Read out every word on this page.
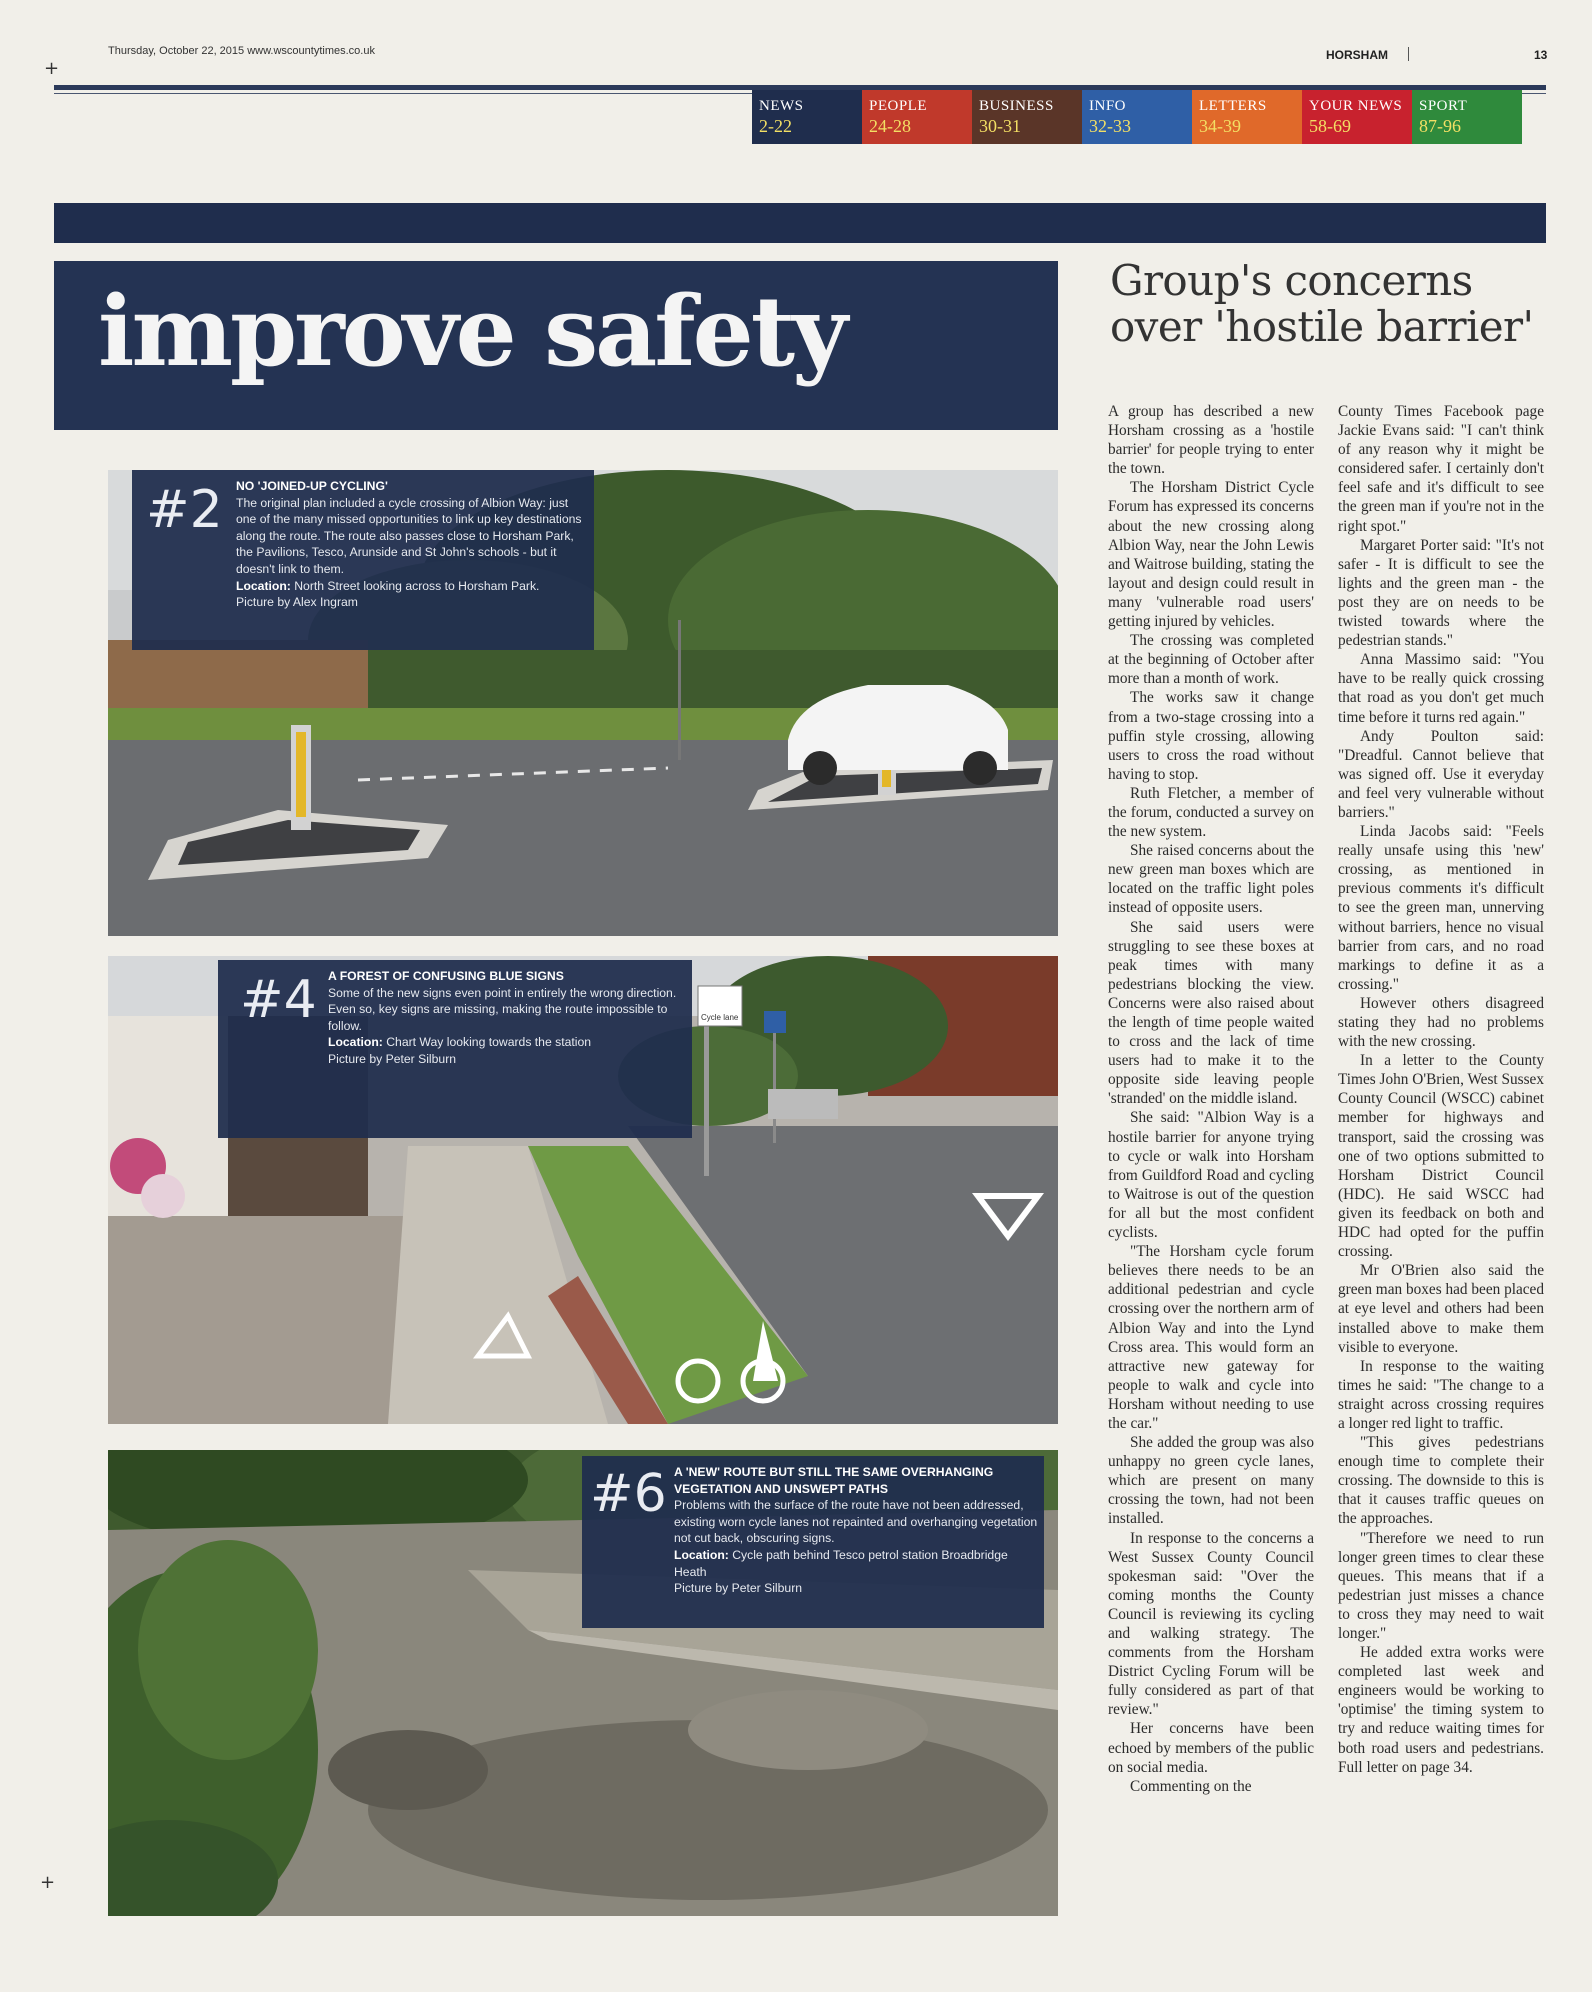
Thursday, October 22, 2015 www.wscountytimes.co.uk	HORSHAM	13
+
+
NEWS
2-22
PEOPLE
24-28
BUSINESS
30-31
INFO
32-33
LETTERS
34-39
YOUR NEWS
58-69
SPORT
87-96
improve safety
#2 NO 'JOINED-UP CYCLING'
The original plan included a cycle crossing of Albion Way: just one of the many missed opportunities to link up key destinations along the route. The route also passes close to Horsham Park, the Pavilions, Tesco, Arunside and St John's schools - but it doesn't link to them.
Location: North Street looking across to Horsham Park.
Picture by Alex Ingram
Cycle lane
#4 A FOREST OF CONFUSING BLUE SIGNS
Some of the new signs even point in entirely the wrong direction. Even so, key signs are missing, making the route impossible to follow.
Location: Chart Way looking towards the station
Picture by Peter Silburn
#6 A 'NEW' ROUTE BUT STILL THE SAME OVERHANGING VEGETATION AND UNSWEPT PATHS
Problems with the surface of the route have not been addressed, existing worn cycle lanes not repainted and overhanging vegetation not cut back, obscuring signs.
Location: Cycle path behind Tesco petrol station Broadbridge Heath
Picture by Peter Silburn
Group's concerns over 'hostile barrier'

A group has described a new Horsham crossing as a 'hostile barrier' for people trying to enter the town.

The Horsham District Cycle Forum has expressed its concerns about the new crossing along Albion Way, near the John Lewis and Waitrose building, stating the layout and design could result in many 'vulnerable road users' getting injured by vehicles.

The crossing was completed at the beginning of October after more than a month of work.

The works saw it change from a two-stage crossing into a puffin style crossing, allowing users to cross the road without having to stop.

Ruth Fletcher, a member of the forum, conducted a survey on the new system.

She raised concerns about the new green man boxes which are located on the traffic light poles instead of opposite users.

She said users were struggling to see these boxes at peak times with many pedestrians blocking the view. Concerns were also raised about the length of time people waited to cross and the lack of time users had to make it to the opposite side leaving people 'stranded' on the middle island.

She said: "Albion Way is a hostile barrier for anyone trying to cycle or walk into Horsham from Guildford Road and cycling to Waitrose is out of the question for all but the most confident cyclists.

"The Horsham cycle forum believes there needs to be an additional pedestrian and cycle crossing over the northern arm of Albion Way and into the Lynd Cross area. This would form an attractive new gateway for people to walk and cycle into Horsham without needing to use the car."

She added the group was also unhappy no green cycle lanes, which are present on many crossing the town, had not been installed.

In response to the concerns a West Sussex County Council spokesman said: "Over the coming months the County Council is reviewing its cycling and walking strategy. The comments from the Horsham District Cycling Forum will be fully considered as part of that review."

Her concerns have been echoed by members of the public on social media.

Commenting on the

County Times Facebook page Jackie Evans said: "I can't think of any reason why it might be considered safer. I certainly don't feel safe and it's difficult to see the green man if you're not in the right spot."

Margaret Porter said: "It's not safer - It is difficult to see the lights and the green man - the post they are on needs to be twisted towards where the pedestrian stands."

Anna Massimo said: "You have to be really quick crossing that road as you don't get much time before it turns red again."

Andy Poulton said: "Dreadful. Cannot believe that was signed off. Use it everyday and feel very vulnerable without barriers."

Linda Jacobs said: "Feels really unsafe using this 'new' crossing, as mentioned in previous comments it's difficult to see the green man, unnerving without barriers, hence no visual barrier from cars, and no road markings to define it as a crossing."

However others disagreed stating they had no problems with the new crossing.

In a letter to the County Times John O'Brien, West Sussex County Council (WSCC) cabinet member for highways and transport, said the crossing was one of two options submitted to Horsham District Council (HDC). He said WSCC had given its feedback on both and HDC had opted for the puffin crossing.

Mr O'Brien also said the green man boxes had been placed at eye level and others had been installed above to make them visible to everyone.

In response to the waiting times he said: "The change to a straight across crossing requires a longer red light to traffic.

"This gives pedestrians enough time to complete their crossing. The downside to this is that it causes traffic queues on the approaches.

"Therefore we need to run longer green times to clear these queues. This means that if a pedestrian just misses a chance to cross they may need to wait longer."

He added extra works were completed last week and engineers would be working to 'optimise' the timing system to try and reduce waiting times for both road users and pedestrians. Full letter on page 34.
